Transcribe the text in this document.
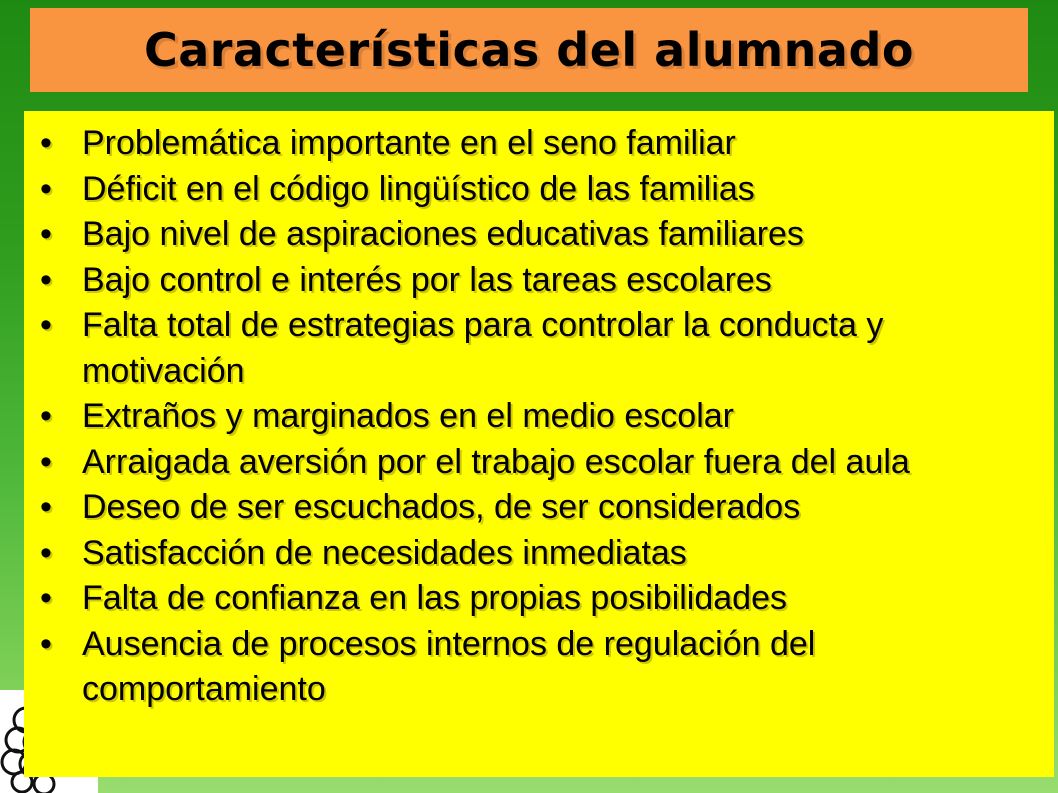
Características del alumnado
• Problemática importante en el seno familiar
• Déficit en el código lingüístico de las familias
• Bajo nivel de aspiraciones educativas familiares
• Bajo control e interés por las tareas escolares
• Falta total de estrategias para controlar la conducta y motivación
• Extraños y marginados en el medio escolar
• Arraigada aversión por el trabajo escolar fuera del aula
• Deseo de ser escuchados, de ser considerados
• Satisfacción de necesidades inmediatas
• Falta de confianza en las propias posibilidades
• Ausencia de procesos internos de regulación del comportamiento
